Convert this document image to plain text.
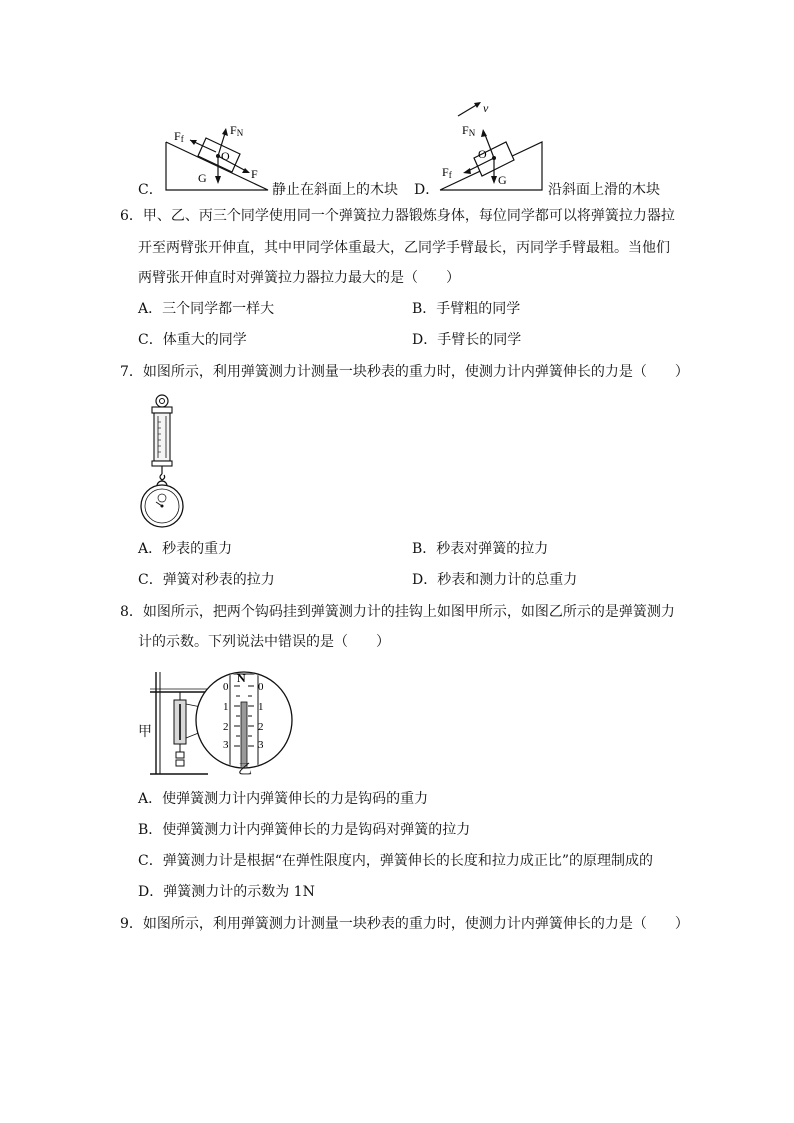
C．
Ff
FN
O
G	F
静止在斜面上的木块 D．
v
FN
O
Ff	G
沿斜面上滑的木块
6．甲、乙、丙三个同学使用同一个弹簧拉力器锻炼身体，每位同学都可以将弹簧拉力器拉
开至两臂张开伸直，其中甲同学体重最大，乙同学手臂最长，丙同学手臂最粗。当他们
两臂张开伸直时对弹簧拉力器拉力最大的是（　　）
A．三个同学都一样大	B．手臂粗的同学
C．体重大的同学	D．手臂长的同学
7．如图所示，利用弹簧测力计测量一块秒表的重力时，使测力计内弹簧伸长的力是（　　）
A．秒表的重力	B．秒表对弹簧的拉力
C．弹簧对秒表的拉力	D．秒表和测力计的总重力
8．如图所示，把两个钩码挂到弹簧测力计的挂钩上如图甲所示，如图乙所示的是弹簧测力
计的示数。下列说法中错误的是（　　）
N
0	0
1	1
2	2
3	3
甲
乙
A．使弹簧测力计内弹簧伸长的力是钩码的重力
B．使弹簧测力计内弹簧伸长的力是钩码对弹簧的拉力
C．弹簧测力计是根据“在弹性限度内，弹簧伸长的长度和拉力成正比”的原理制成的
D．弹簧测力计的示数为 1N
9．如图所示，利用弹簧测力计测量一块秒表的重力时，使测力计内弹簧伸长的力是（　　）
